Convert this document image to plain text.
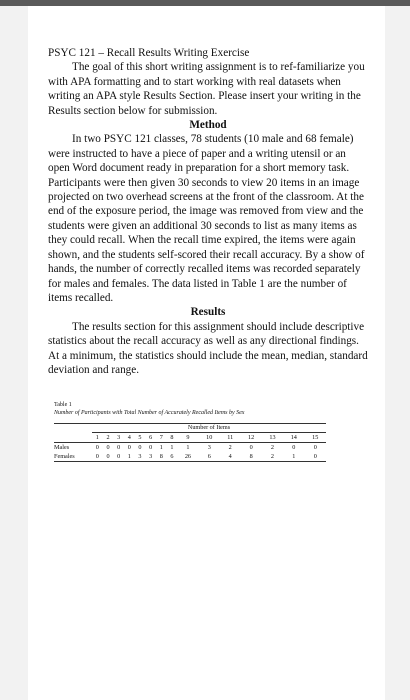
PSYC 121 – Recall Results Writing Exercise

The goal of this short writing assignment is to ref-familiarize you with APA formatting and to start working with real datasets when writing an APA style Results Section. Please insert your writing in the Results section below for submission.

Method

In two PSYC 121 classes, 78 students (10 male and 68 female) were instructed to have a piece of paper and a writing utensil or an open Word document ready in preparation for a short memory task. Participants were then given 30 seconds to view 20 items in an image projected on two overhead screens at the front of the classroom. At the end of the exposure period, the image was removed from view and the students were given an additional 30 seconds to list as many items as they could recall. When the recall time expired, the items were again shown, and the students self-scored their recall accuracy. By a show of hands, the number of correctly recalled items was recorded separately for males and females. The data listed in Table 1 are the number of items recalled.

Results

The results section for this assignment should include descriptive statistics about the recall accuracy as well as any directional findings. At a minimum, the statistics should include the mean, median, standard deviation and range.

Table 1

Number of Participants with Total Number of Accurately Recalled Items by Sex

	Number of Items														

	1	2	3	4	5	6	7	8	9	10	11	12	13	14	15
Males	0	0	0	0	0	0	1	1	1	3	2	0	2	0	0
Females	0	0	0	1	3	3	8	6	26	6	4	8	2	1	0
